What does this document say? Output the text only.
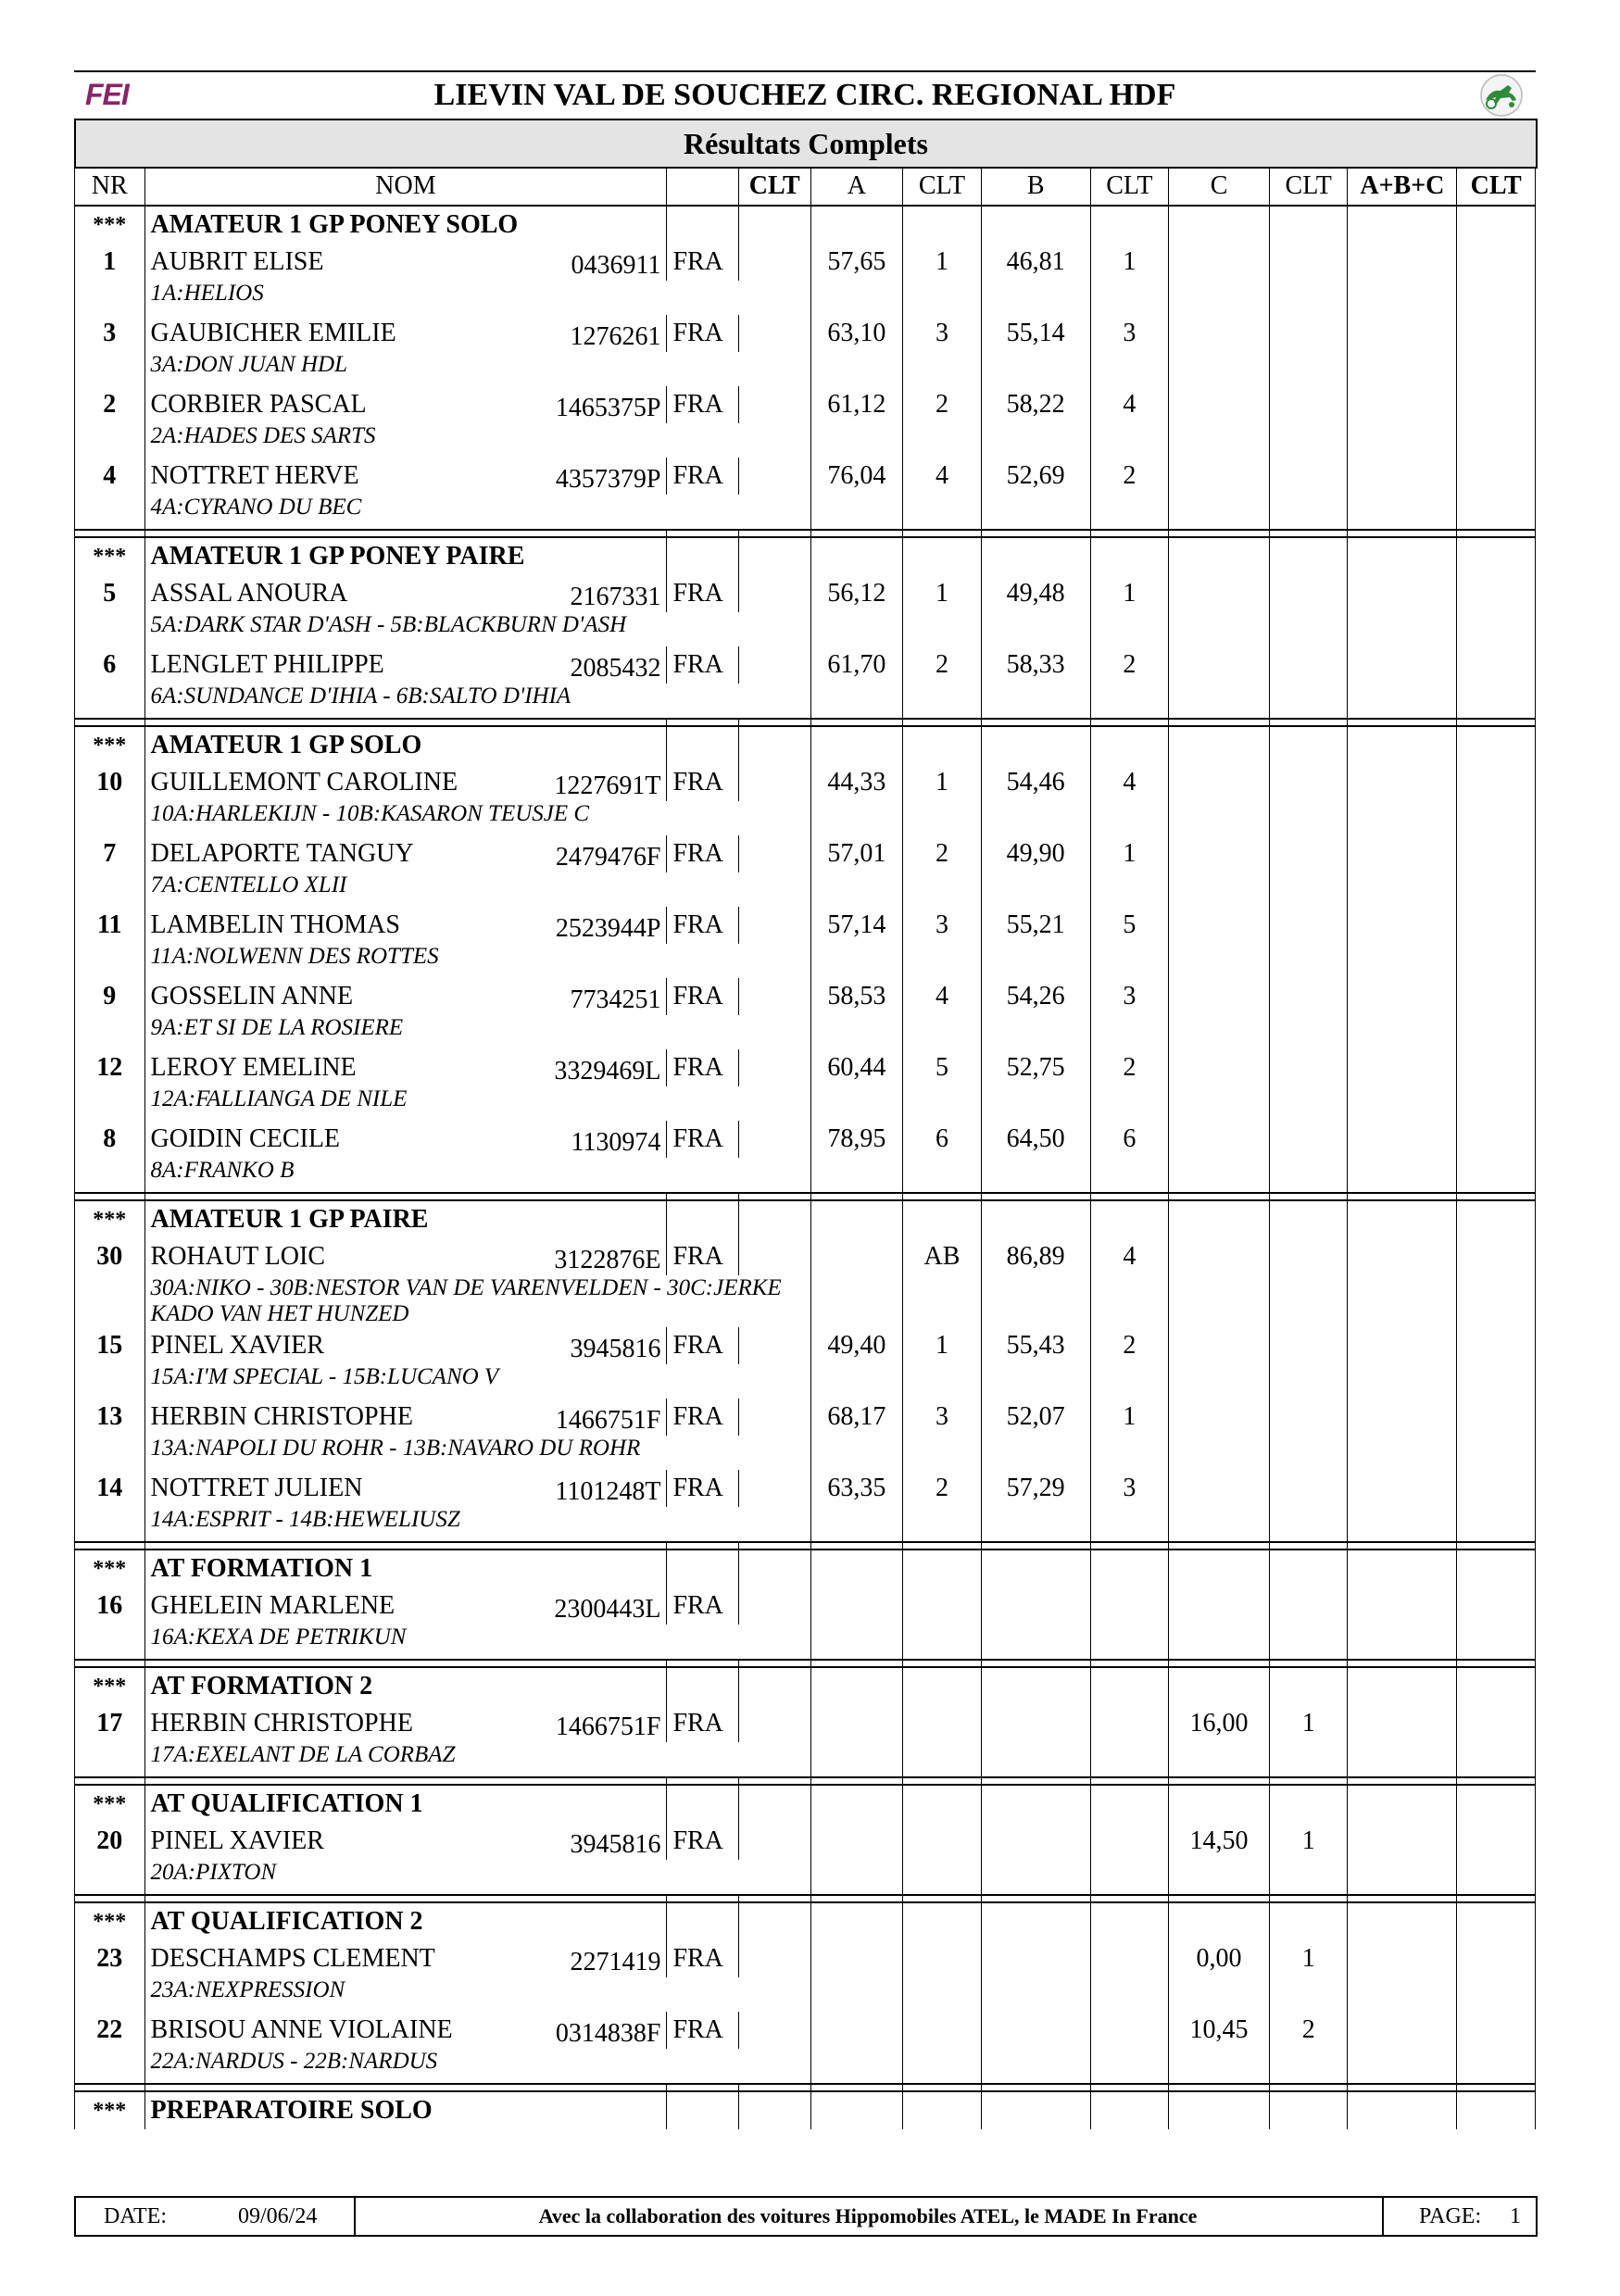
FEI	LIEVIN VAL DE SOUCHEZ CIRC. REGIONAL HDF
Résultats Complets
NR	NOM		CLT	A	CLT	B	CLT	C	CLT	A+B+C	CLT
***	AMATEUR 1 GP PONEY SOLO										
1	AUBRIT ELISE 0436911	FRA		57,65	1	46,81	1				
	1A:HELIOS										
3	GAUBICHER EMILIE 1276261	FRA		63,10	3	55,14	3				
	3A:DON JUAN HDL										
2	CORBIER PASCAL 1465375P	FRA		61,12	2	58,22	4				
	2A:HADES DES SARTS										
4	NOTTRET HERVE 4357379P	FRA		76,04	4	52,69	2				
	4A:CYRANO DU BEC										

***	AMATEUR 1 GP PONEY PAIRE										
5	ASSAL ANOURA 2167331	FRA		56,12	1	49,48	1				
	5A:DARK STAR D'ASH - 5B:BLACKBURN D'ASH										
6	LENGLET PHILIPPE 2085432	FRA		61,70	2	58,33	2				
	6A:SUNDANCE D'IHIA - 6B:SALTO D'IHIA										

***	AMATEUR 1 GP SOLO										
10	GUILLEMONT CAROLINE 1227691T	FRA		44,33	1	54,46	4				
	10A:HARLEKIJN - 10B:KASARON TEUSJE C										
7	DELAPORTE TANGUY 2479476F	FRA		57,01	2	49,90	1				
	7A:CENTELLO XLII										
11	LAMBELIN THOMAS 2523944P	FRA		57,14	3	55,21	5				
	11A:NOLWENN DES ROTTES										
9	GOSSELIN ANNE 7734251	FRA		58,53	4	54,26	3				
	9A:ET SI DE LA ROSIERE										
12	LEROY EMELINE 3329469L	FRA		60,44	5	52,75	2				
	12A:FALLIANGA DE NILE										
8	GOIDIN CECILE 1130974	FRA		78,95	6	64,50	6				
	8A:FRANKO B										

***	AMATEUR 1 GP PAIRE										
30	ROHAUT LOIC 3122876E	FRA			AB	86,89	4				
	30A:NIKO - 30B:NESTOR VAN DE VARENVELDEN - 30C:JERKE KADO VAN HET HUNZED										
15	PINEL XAVIER 3945816	FRA		49,40	1	55,43	2				
	15A:I'M SPECIAL - 15B:LUCANO V										
13	HERBIN CHRISTOPHE 1466751F	FRA		68,17	3	52,07	1				
	13A:NAPOLI DU ROHR - 13B:NAVARO DU ROHR										
14	NOTTRET JULIEN 1101248T	FRA		63,35	2	57,29	3				
	14A:ESPRIT - 14B:HEWELIUSZ										

***	AT FORMATION 1										
16	GHELEIN MARLENE 2300443L	FRA									
	16A:KEXA DE PETRIKUN										

***	AT FORMATION 2										
17	HERBIN CHRISTOPHE 1466751F	FRA						16,00	1		
	17A:EXELANT DE LA CORBAZ										

***	AT QUALIFICATION 1										
20	PINEL XAVIER 3945816	FRA						14,50	1		
	20A:PIXTON										

***	AT QUALIFICATION 2										
23	DESCHAMPS CLEMENT 2271419	FRA						0,00	1		
	23A:NEXPRESSION										
22	BRISOU ANNE VIOLAINE 0314838F	FRA						10,45	2		
	22A:NARDUS - 22B:NARDUS										

***	PREPARATOIRE SOLO										
DATE:	09/06/24	Avec la collaboration des voitures Hippomobiles ATEL, le MADE In France	PAGE:	1
